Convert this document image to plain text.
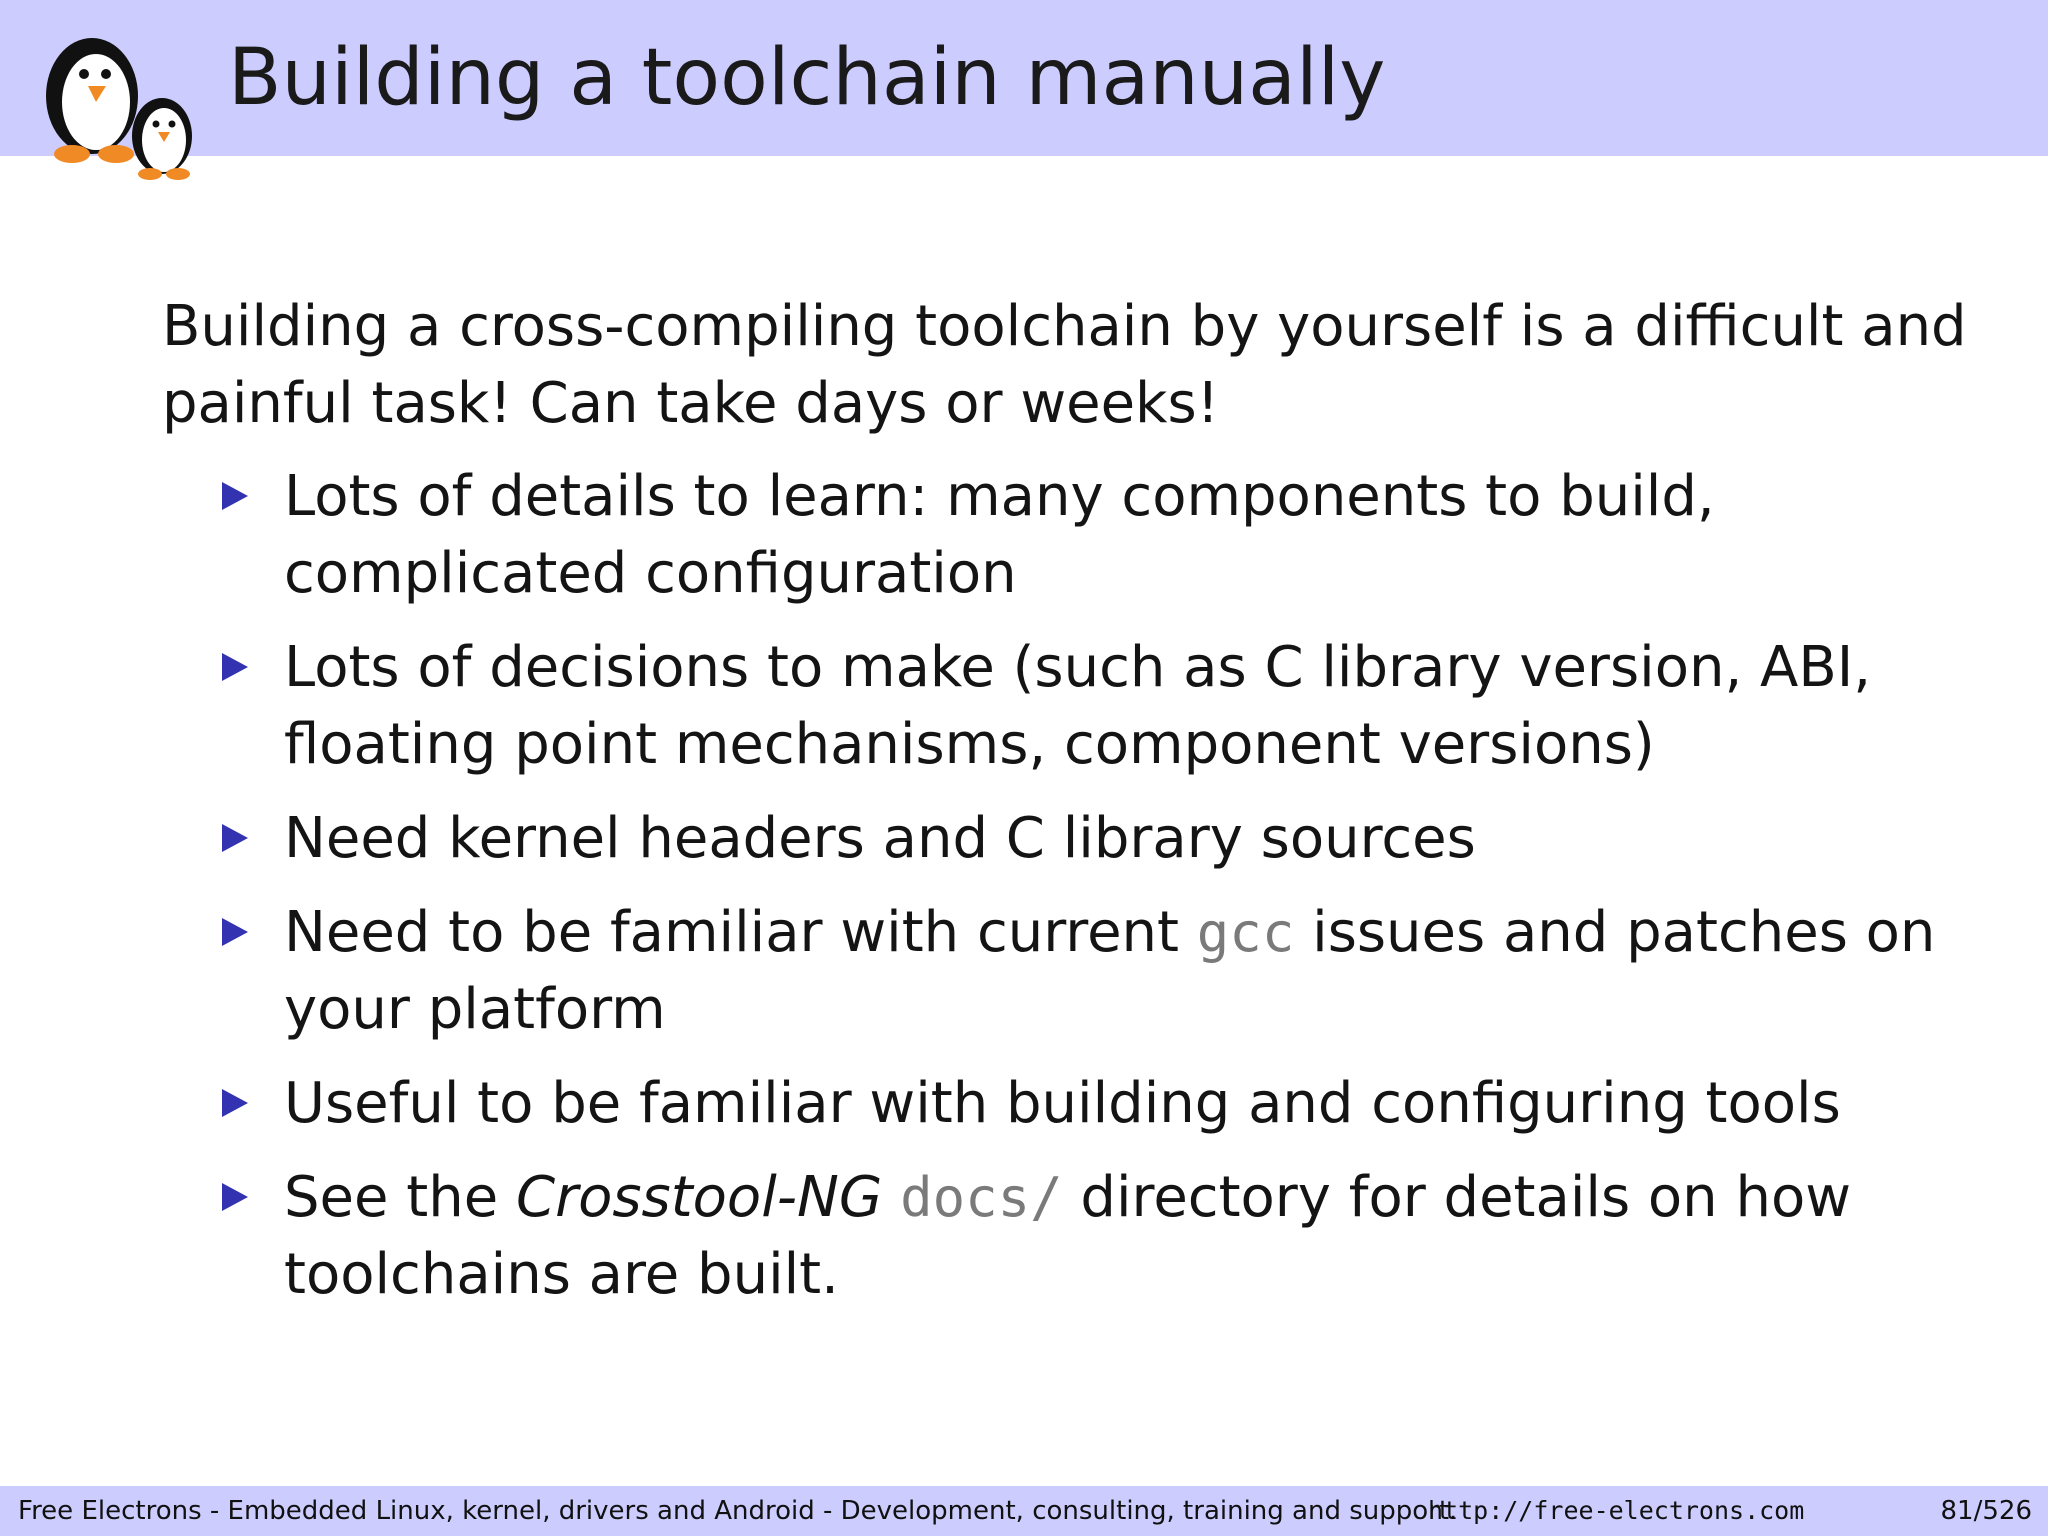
Building a toolchain manually

Building a cross-compiling toolchain by yourself is a difficult and painful task! Can take days or weeks!

Lots of details to learn: many components to build, complicated configuration
Lots of decisions to make (such as C library version, ABI, floating point mechanisms, component versions)
Need kernel headers and C library sources
Need to be familiar with current gcc issues and patches on your platform
Useful to be familiar with building and configuring tools
See the Crosstool-NG docs/ directory for details on how toolchains are built.
Free Electrons - Embedded Linux, kernel, drivers and Android - Development, consulting, training and support.
http://free-electrons.com	81/526
